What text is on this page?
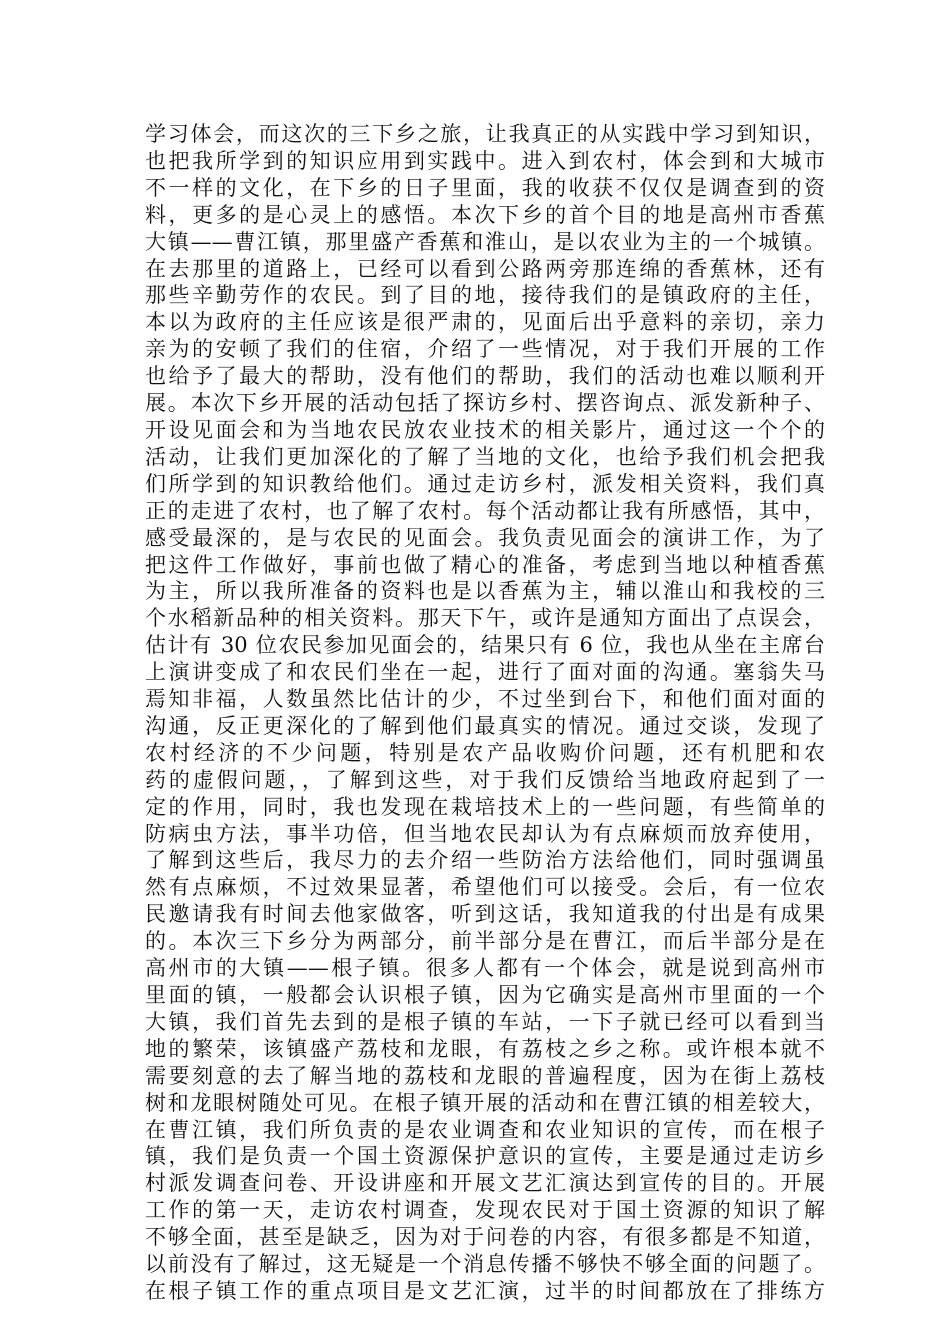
学习体会，而这次的三下乡之旅，让我真正的从实践中学习到知识，
也把我所学到的知识应用到实践中。进入到农村，体会到和大城市
不一样的文化，在下乡的日子里面，我的收获不仅仅是调查到的资
料，更多的是心灵上的感悟。本次下乡的首个目的地是高州市香蕉
大镇——曹江镇，那里盛产香蕉和淮山，是以农业为主的一个城镇。
在去那里的道路上，已经可以看到公路两旁那连绵的香蕉林，还有
那些辛勤劳作的农民。到了目的地，接待我们的是镇政府的主任，
本以为政府的主任应该是很严肃的，见面后出乎意料的亲切，亲力
亲为的安顿了我们的住宿，介绍了一些情况，对于我们开展的工作
也给予了最大的帮助，没有他们的帮助，我们的活动也难以顺利开
展。本次下乡开展的活动包括了探访乡村、摆咨询点、派发新种子、
开设见面会和为当地农民放农业技术的相关影片，通过这一个个的
活动，让我们更加深化的了解了当地的文化，也给予我们机会把我
们所学到的知识教给他们。通过走访乡村，派发相关资料，我们真
正的走进了农村，也了解了农村。每个活动都让我有所感悟，其中，
感受最深的，是与农民的见面会。我负责见面会的演讲工作，为了
把这件工作做好，事前也做了精心的准备，考虑到当地以种植香蕉
为主，所以我所准备的资料也是以香蕉为主，辅以淮山和我校的三
个水稻新品种的相关资料。那天下午，或许是通知方面出了点误会，
估计有 30 位农民参加见面会的，结果只有 6 位，我也从坐在主席台
上演讲变成了和农民们坐在一起，进行了面对面的沟通。塞翁失马
焉知非福，人数虽然比估计的少，不过坐到台下，和他们面对面的
沟通，反正更深化的了解到他们最真实的情况。通过交谈，发现了
农村经济的不少问题，特别是农产品收购价问题，还有机肥和农
药的虚假问题，，了解到这些，对于我们反馈给当地政府起到了一
定的作用，同时，我也发现在栽培技术上的一些问题，有些简单的
防病虫方法，事半功倍，但当地农民却认为有点麻烦而放弃使用，
了解到这些后，我尽力的去介绍一些防治方法给他们，同时强调虽
然有点麻烦，不过效果显著，希望他们可以接受。会后，有一位农
民邀请我有时间去他家做客，听到这话，我知道我的付出是有成果
的。本次三下乡分为两部分，前半部分是在曹江，而后半部分是在
高州市的大镇——根子镇。很多人都有一个体会，就是说到高州市
里面的镇，一般都会认识根子镇，因为它确实是高州市里面的一个
大镇，我们首先去到的是根子镇的车站，一下子就已经可以看到当
地的繁荣，该镇盛产荔枝和龙眼，有荔枝之乡之称。或许根本就不
需要刻意的去了解当地的荔枝和龙眼的普遍程度，因为在街上荔枝
树和龙眼树随处可见。在根子镇开展的活动和在曹江镇的相差较大，
在曹江镇，我们所负责的是农业调查和农业知识的宣传，而在根子
镇，我们是负责一个国土资源保护意识的宣传，主要是通过走访乡
村派发调查问卷、开设讲座和开展文艺汇演达到宣传的目的。开展
工作的第一天，走访农村调查，发现农民对于国土资源的知识了解
不够全面，甚至是缺乏，因为对于问卷的内容，有很多都是不知道，
以前没有了解过，这无疑是一个消息传播不够快不够全面的问题了。
在根子镇工作的重点项目是文艺汇演，过半的时间都放在了排练方
